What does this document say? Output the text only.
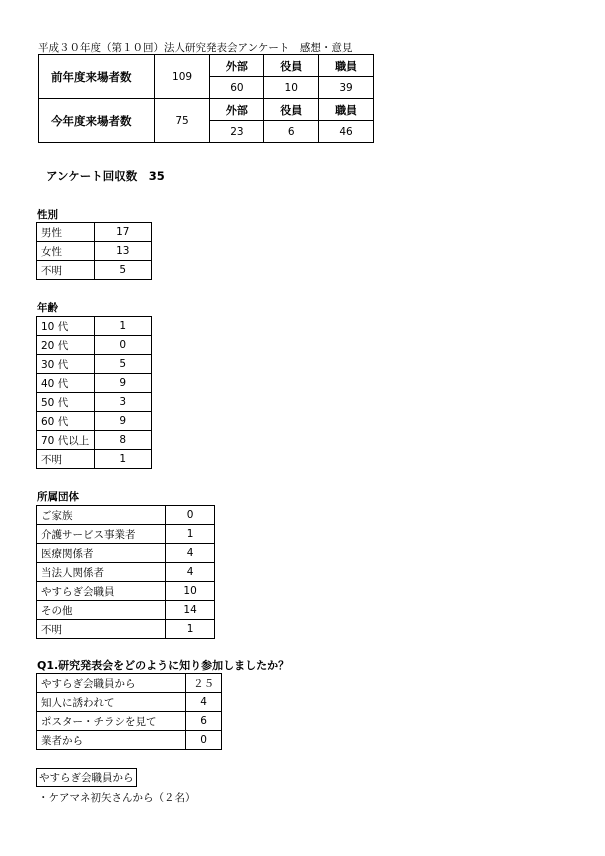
平成３０年度（第１０回）法人研究発表会アンケート　感想・意見
前年度来場者数	109	外部	役員	職員
		60	10	39
今年度来場者数	75	外部	役員	職員
		23	6	46
アンケート回収数　35
性別
男性	17
女性	13
不明	5
年齢
10 代	1
20 代	0
30 代	5
40 代	9
50 代	3
60 代	9
70 代以上	8
不明	1
所属団体
ご家族	0
介護サービス事業者	1
医療関係者	4
当法人関係者	4
やすらぎ会職員	10
その他	14
不明	1
Q1.研究発表会をどのように知り参加しましたか？
やすらぎ会職員から	２５
知人に誘われて	4
ポスター・チラシを見て	6
業者から	0
やすらぎ会職員から
・ケアマネ初矢さんから（２名）
